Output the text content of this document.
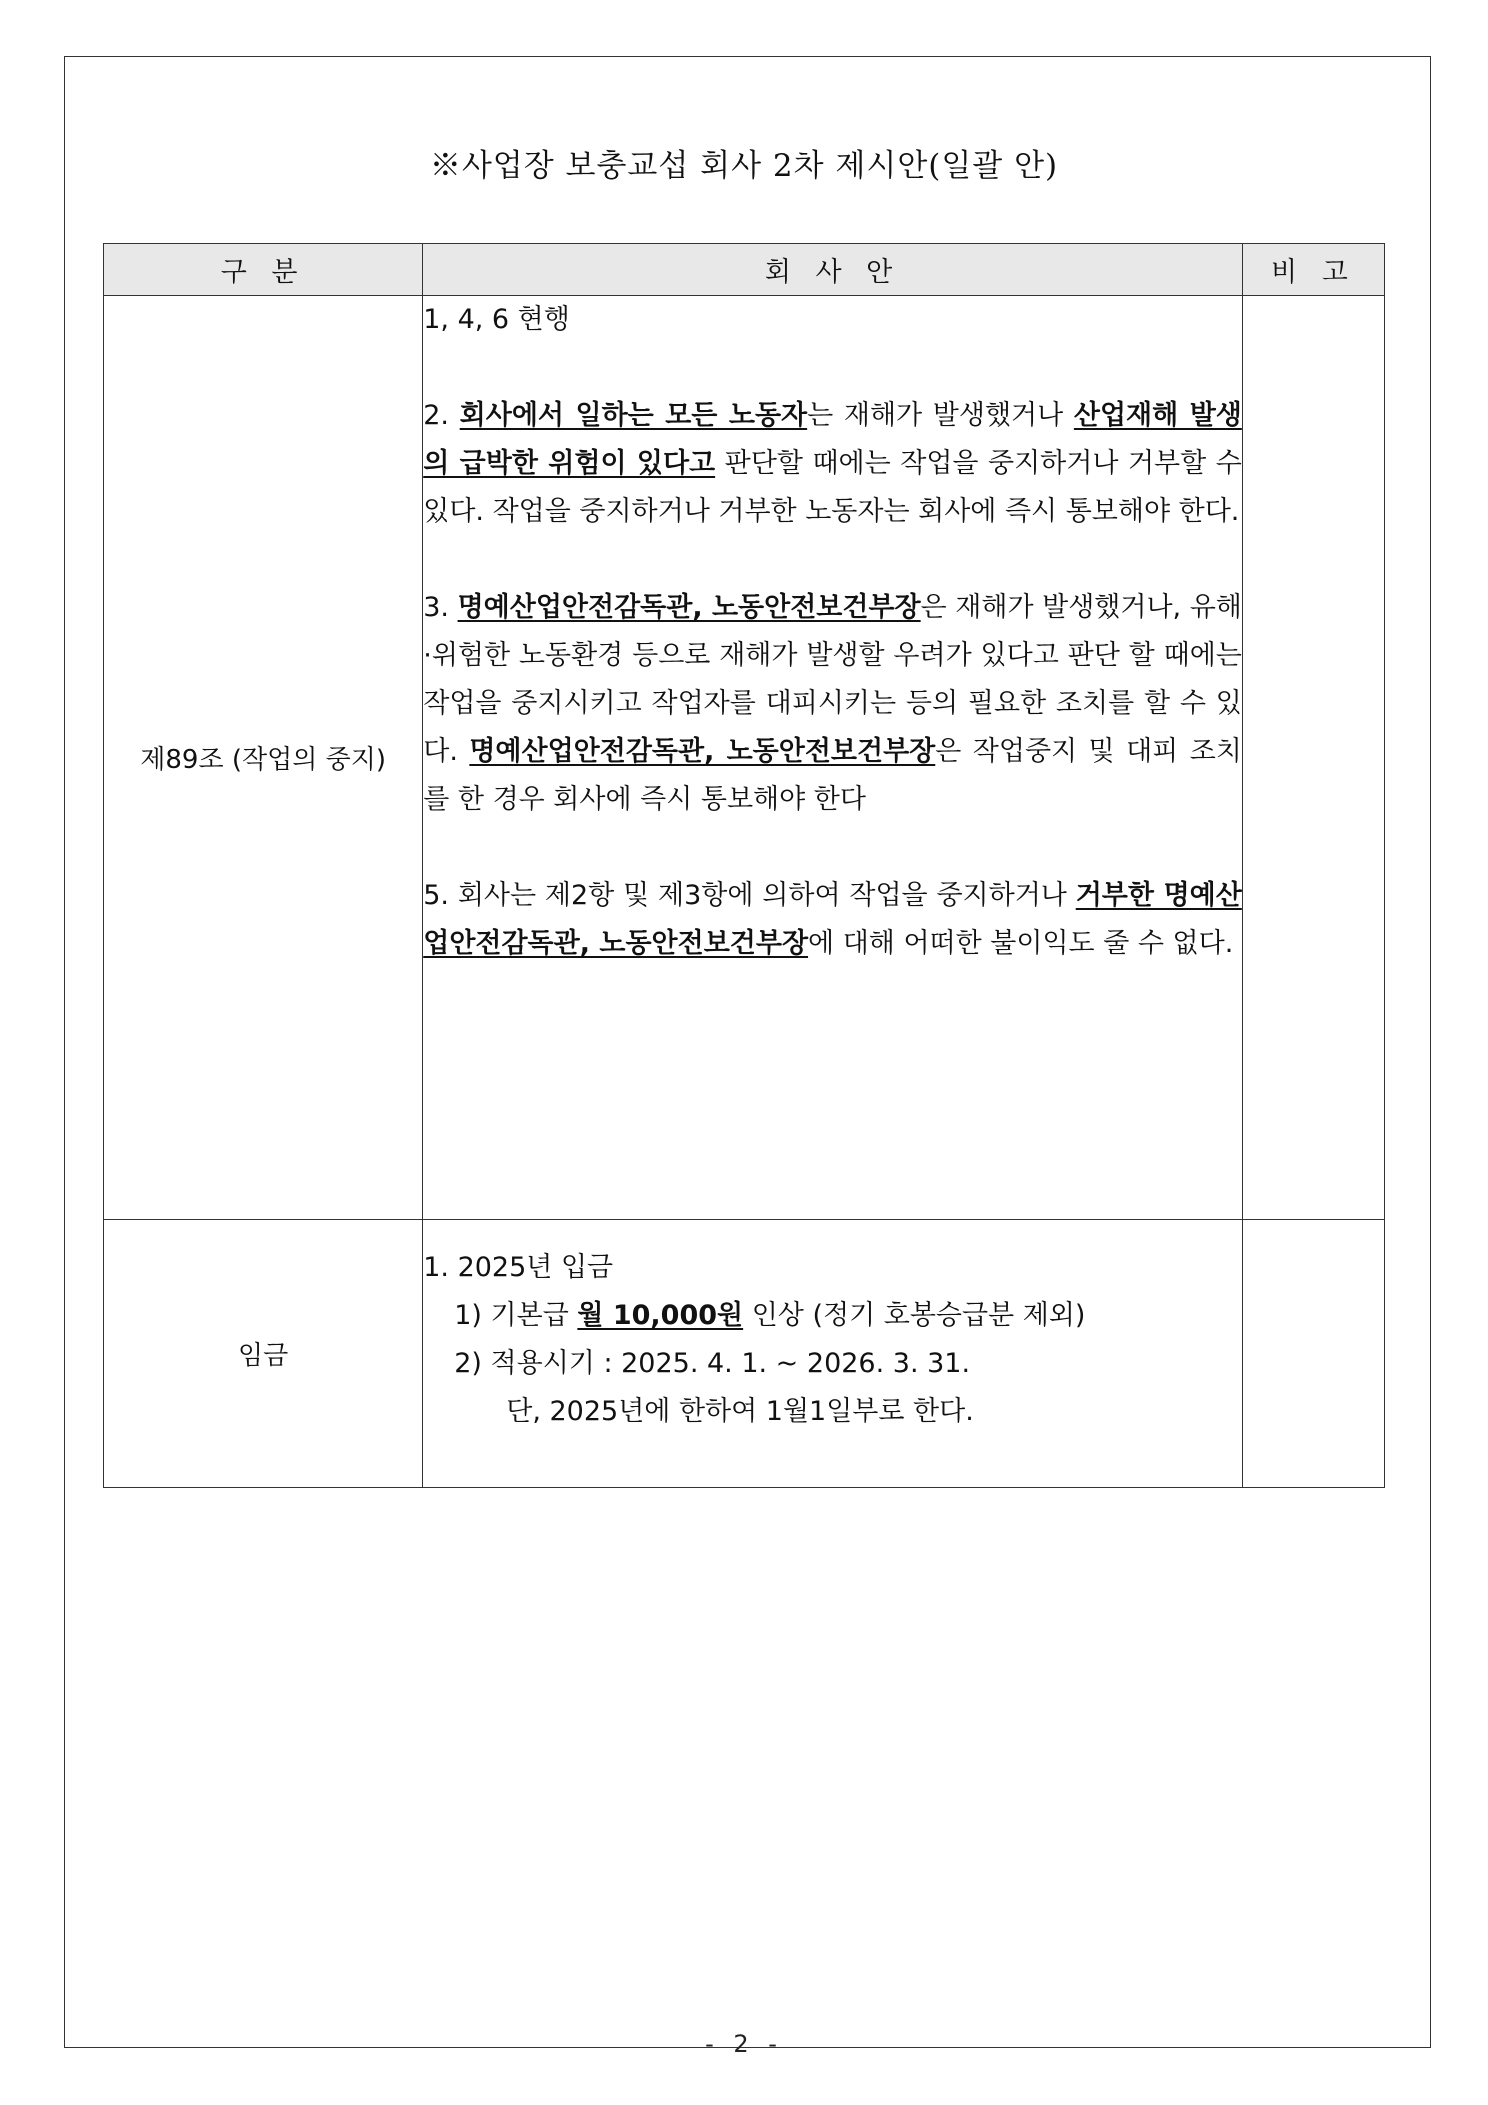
※사업장 보충교섭 회사 2차 제시안(일괄 안)
구 분	회 사 안	비 고
제89조 (작업의 중지)	1, 4, 6 현행

2. 회사에서 일하는 모든 노동자는 재해가 발생했거나 산업재해 발생의 급박한 위험이 있다고 판단할 때에는 작업을 중지하거나 거부할 수 있다. 작업을 중지하거나 거부한 노동자는 회사에 즉시 통보해야 한다.

3. 명예산업안전감독관, 노동안전보건부장은 재해가 발생했거나, 유해·위험한 노동환경 등으로 재해가 발생할 우려가 있다고 판단 할 때에는 작업을 중지시키고 작업자를 대피시키는 등의 필요한 조치를 할 수 있다. 명예산업안전감독관, 노동안전보건부장은 작업중지 및 대피 조치를 한 경우 회사에 즉시 통보해야 한다

5. 회사는 제2항 및 제3항에 의하여 작업을 중지하거나 거부한 명예산업안전감독관, 노동안전보건부장에 대해 어떠한 불이익도 줄 수 없다.	

임금	1. 2025년 입금

1) 기본급 월 10,000원 인상 (정기 호봉승급분 제외)

2) 적용시기 : 2025. 4. 1. ~ 2026. 3. 31.

단, 2025년에 한하여 1월1일부로 한다.	

- 2 -
